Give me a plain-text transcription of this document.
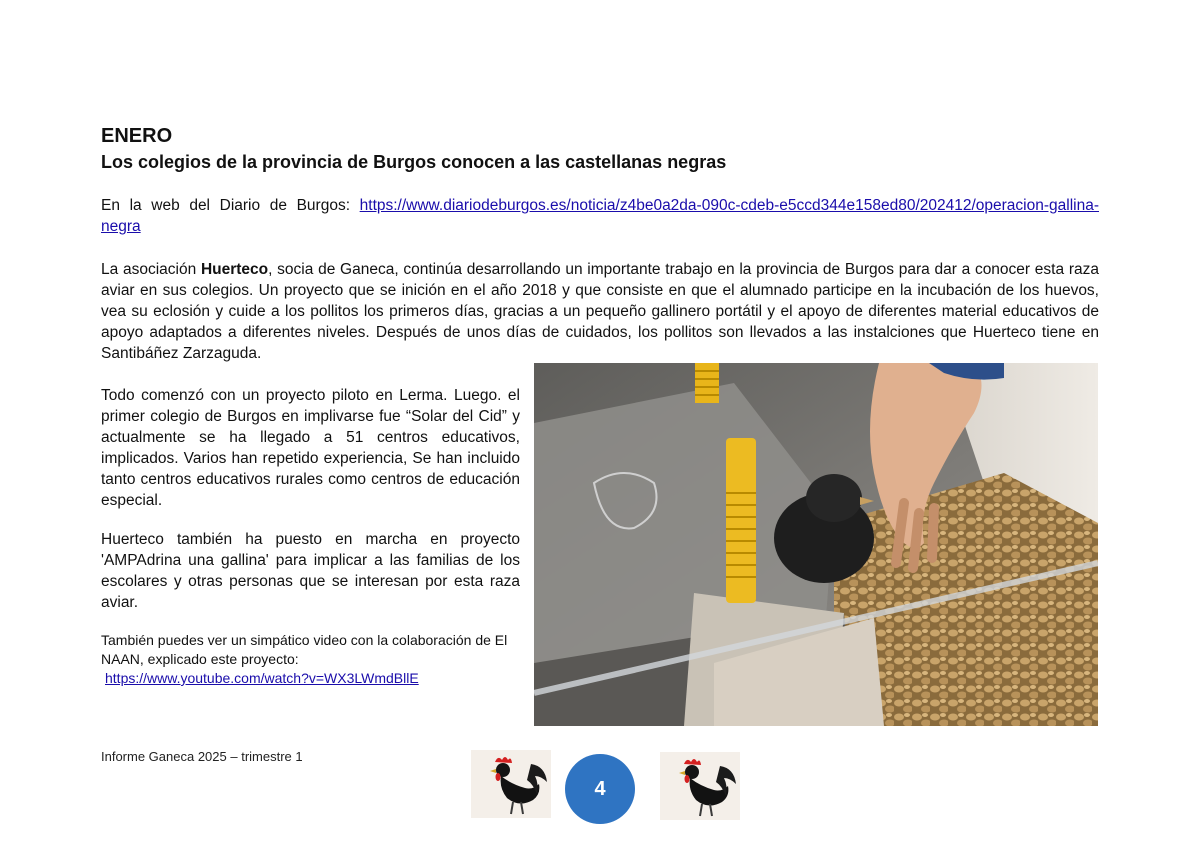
ENERO
Los colegios de la provincia de Burgos conocen a las castellanas negras
En la web del Diario de Burgos: https://www.diariodeburgos.es/noticia/z4be0a2da-090c-cdeb-e5ccd344e158ed80/202412/operacion-gallina-negra
La asociación Huerteco, socia de Ganeca, continúa desarrollando un importante trabajo en la provincia de Burgos para dar a conocer esta raza aviar en sus colegios. Un proyecto que se inición en el año 2018 y que consiste en que el alumnado participe en la incubación de los huevos, vea su eclosión y cuide a los pollitos los primeros días, gracias a un pequeño gallinero portátil y el apoyo de diferentes material educativos de apoyo adaptados a diferentes niveles. Después de unos días de cuidados, los pollitos son llevados a las instalciones que Huerteco tiene en Santibáñez Zarzaguda.
Todo comenzó con un proyecto piloto en Lerma. Luego. el primer colegio de Burgos en implivarse fue “Solar del Cid” y actualmente se ha llegado a 51 centros educativos, implicados. Varios han repetido experiencia, Se han incluido tanto centros educativos rurales como centros de educación especial.
Huerteco también ha puesto en marcha en proyecto 'AMPAdrina una gallina' para implicar a las familias de los escolares y otras personas que se interesan por esta raza aviar.
También puedes ver un simpático video con la colaboración de El NAAN, explicado este proyecto:
https://www.youtube.com/watch?v=WX3LWmdBllE
Informe Ganeca 2025 – trimestre 1
4
